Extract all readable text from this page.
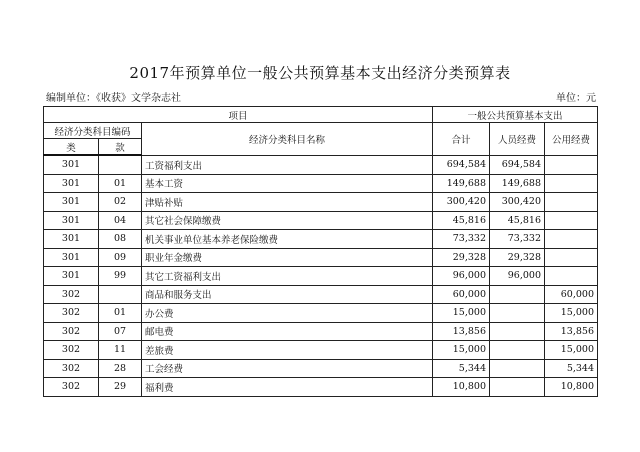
2017年预算单位一般公共预算基本支出经济分类预算表
编制单位：《收获》文学杂志社	单位：元
项目			一般公共预算基本支出		
经济分类科目编码		经济分类科目名称	合计	人员经费	公用经费
类	款				
301		工资福利支出	694,584	694,584	
301	01	基本工资	149,688	149,688	
301	02	津贴补贴	300,420	300,420	
301	04	其它社会保障缴费	45,816	45,816	
301	08	机关事业单位基本养老保险缴费	73,332	73,332	
301	09	职业年金缴费	29,328	29,328	
301	99	其它工资福利支出	96,000	96,000	
302		商品和服务支出	60,000		60,000
302	01	办公费	15,000		15,000
302	07	邮电费	13,856		13,856
302	11	差旅费	15,000		15,000
302	28	工会经费	5,344		5,344
302	29	福利费	10,800		10,800
